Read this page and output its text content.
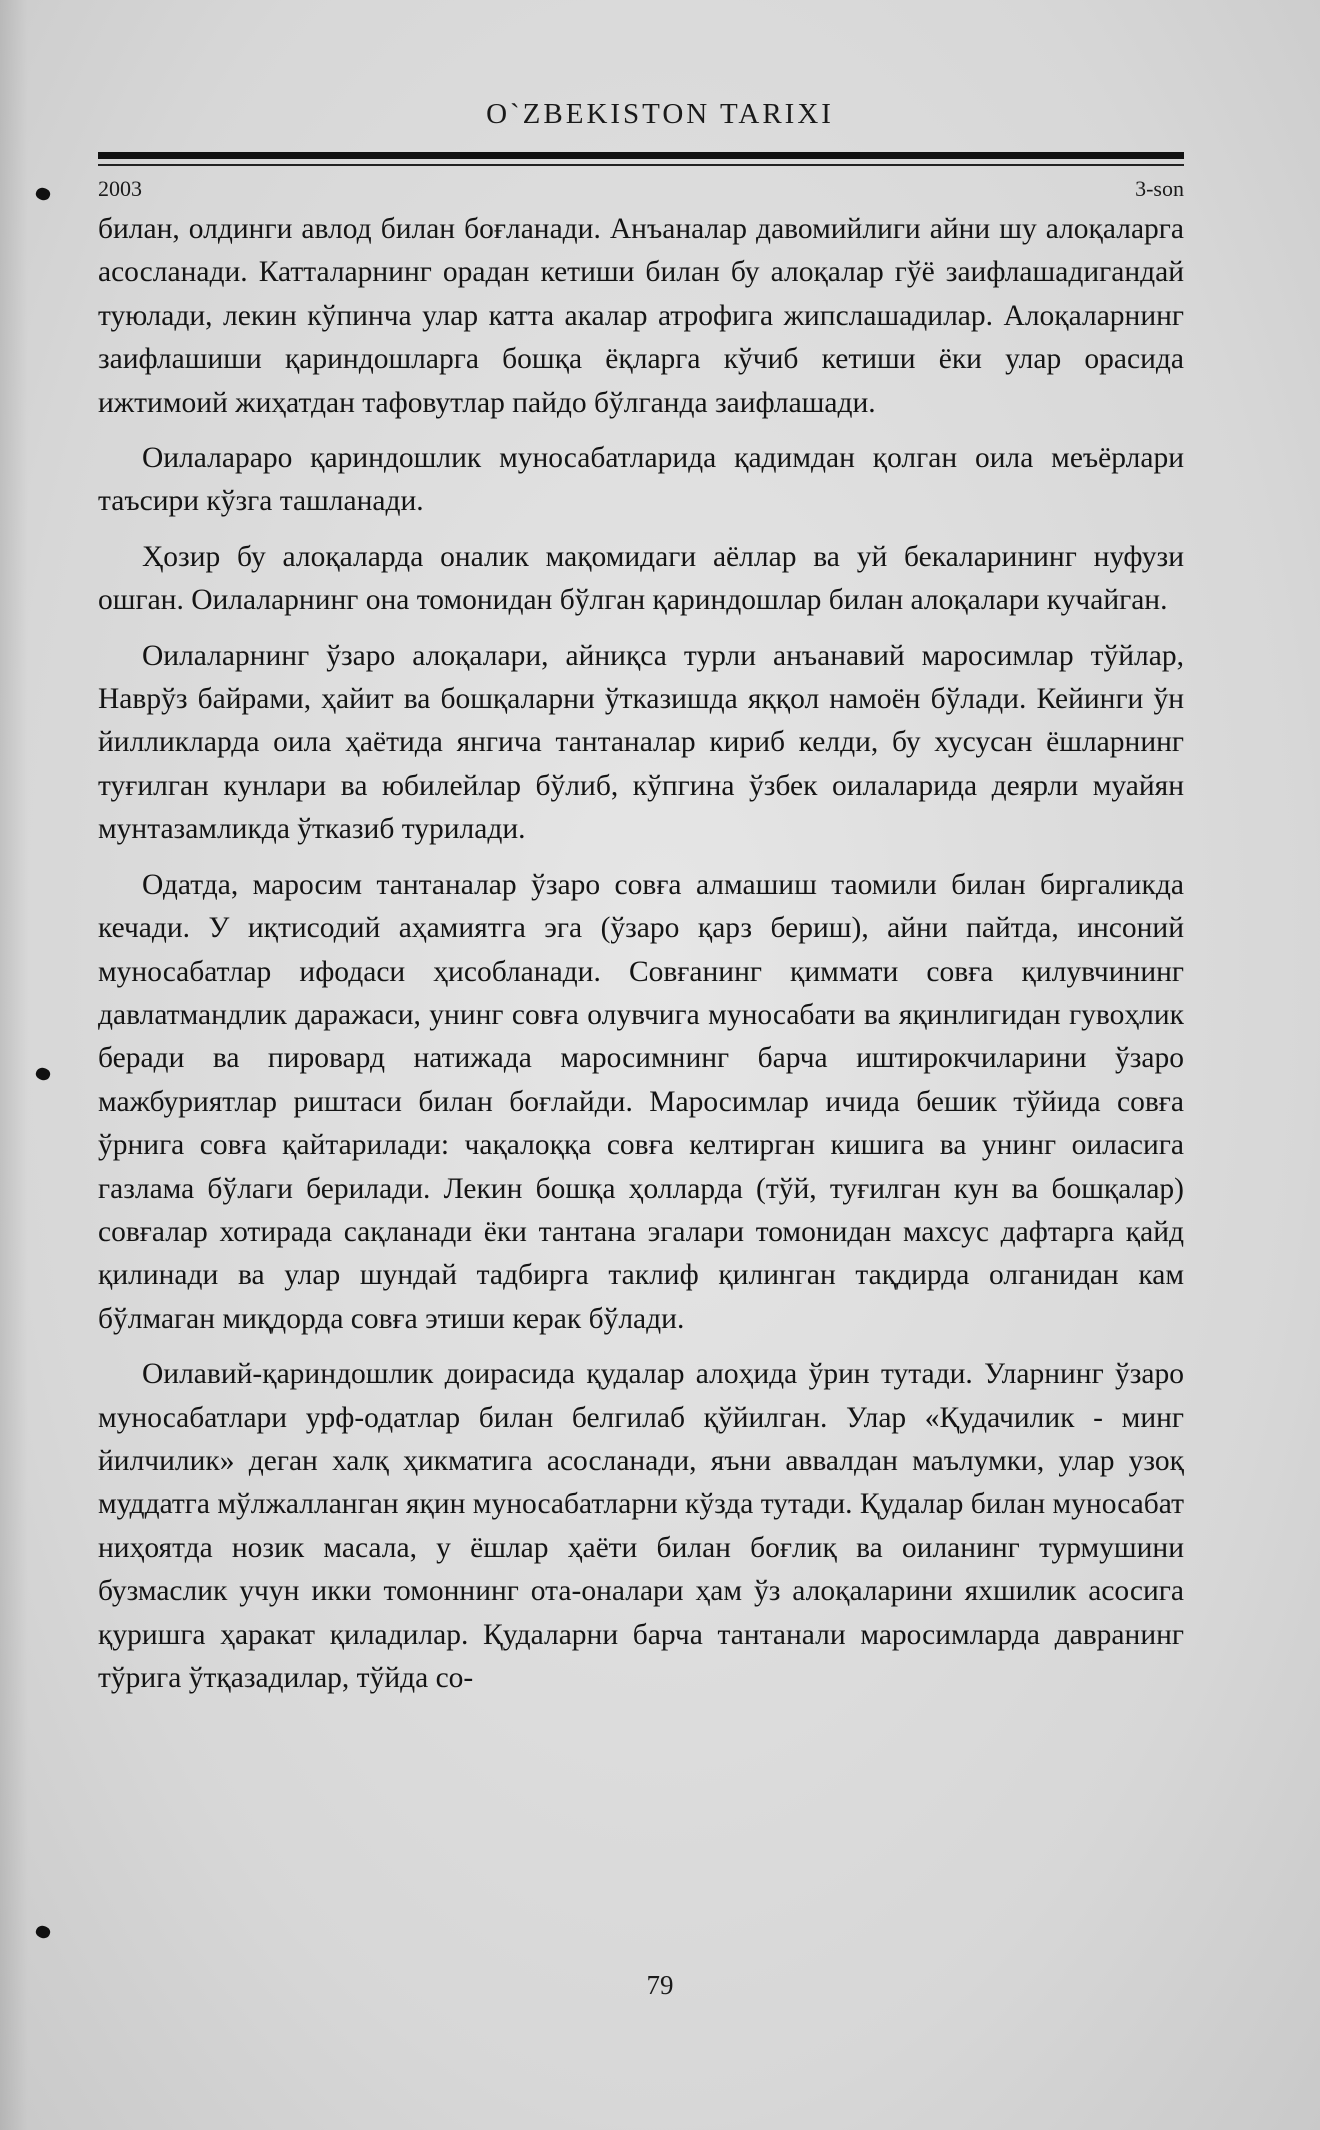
O`ZBEKISTON TARIXI
2003	3-son

билан, олдинги авлод билан боғланади. Анъаналар давомийлиги айни шу алоқаларга асосланади. Катталарнинг орадан кетиши билан бу алоқалар гўё заифлашадигандай туюлади, лекин кўпинча улар катта акалар атрофига жипслашадилар. Алоқаларнинг заифлашиши қариндошларга бошқа ёқларга кўчиб кетиши ёки улар орасида ижтимоий жиҳатдан тафовутлар пайдо бўлганда заифлашади.

Оилалараро қариндошлик муносабатларида қадимдан қолган оила меъёрлари таъсири кўзга ташланади.

Ҳозир бу алоқаларда оналик мақомидаги аёллар ва уй бекаларининг нуфузи ошган. Оилаларнинг она томонидан бўлган қариндошлар билан алоқалари кучайган.

Оилаларнинг ўзаро алоқалари, айниқса турли анъанавий маросимлар тўйлар, Наврўз байрами, ҳайит ва бошқаларни ўтказишда яққол намоён бўлади. Кейинги ўн йилликларда оила ҳаётида янгича тантаналар кириб келди, бу хусусан ёшларнинг туғилган кунлари ва юбилейлар бўлиб, кўпгина ўзбек оилаларида деярли муайян мунтазамликда ўтказиб турилади.

Одатда, маросим тантаналар ўзаро совға алмашиш таомили билан биргаликда кечади. У иқтисодий аҳамиятга эга (ўзаро қарз бериш), айни пайтда, инсоний муносабатлар ифодаси ҳисобланади. Совғанинг қиммати совға қилувчининг давлатмандлик даражаси, унинг совға олувчига муносабати ва яқинлигидан гувоҳлик беради ва пировард натижада маросимнинг барча иштирокчиларини ўзаро мажбуриятлар риштаси билан боғлайди. Маросимлар ичида бешик тўйида совға ўрнига совға қайтарилади: чақалоққа совға келтирган кишига ва унинг оиласига газлама бўлаги берилади. Лекин бошқа ҳолларда (тўй, туғилган кун ва бошқалар) совғалар хотирада сақланади ёки тантана эгалари томонидан махсус дафтарга қайд қилинади ва улар шундай тадбирга таклиф қилинган тақдирда олганидан кам бўлмаган миқдорда совға этиши керак бўлади.

Оилавий-қариндошлик доирасида қудалар алоҳида ўрин тутади. Уларнинг ўзаро муносабатлари урф-одатлар билан белгилаб қўйилган. Улар «Қудачилик - минг йилчилик» деган халқ ҳикматига асосланади, яъни аввалдан маълумки, улар узоқ муддатга мўлжалланган яқин муносабатларни кўзда тутади. Қудалар билан муносабат ниҳоятда нозик масала, у ёшлар ҳаёти билан боғлиқ ва оиланинг турмушини бузмаслик учун икки томоннинг ота-оналари ҳам ўз алоқаларини яхшилик асосига қуришга ҳаракат қиладилар. Қудаларни барча тантанали маросимларда давранинг тўрига ўтқазадилар, тўйда со-

79
